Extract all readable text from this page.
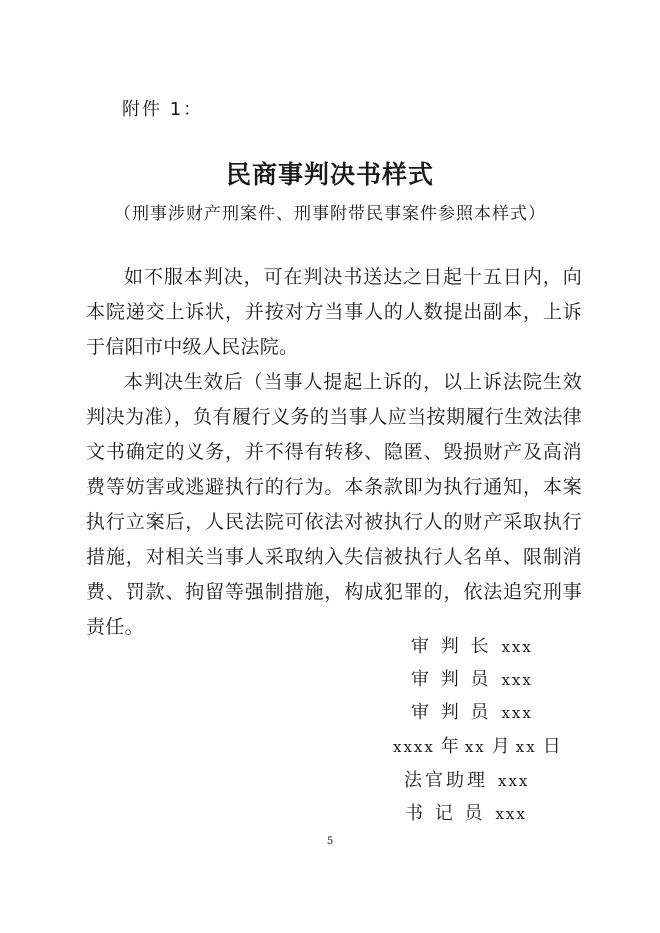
附件 1：
民商事判决书样式
（刑事涉财产刑案件、刑事附带民事案件参照本样式）

如不服本判决，可在判决书送达之日起十五日内，向本院递交上诉状，并按对方当事人的人数提出副本，上诉于信阳市中级人民法院。

本判决生效后（当事人提起上诉的，以上诉法院生效判决为准），负有履行义务的当事人应当按期履行生效法律文书确定的义务，并不得有转移、隐匿、毁损财产及高消费等妨害或逃避执行的行为。本条款即为执行通知，本案执行立案后，人民法院可依法对被执行人的财产采取执行措施，对相关当事人采取纳入失信被执行人名单、限制消费、罚款、拘留等强制措施，构成犯罪的，依法追究刑事责任。

审 判 长 xxx
审 判 员 xxx
审 判 员 xxx
xxxx 年 xx 月 xx 日
法官助理 xxx
书 记 员 xxx
5
